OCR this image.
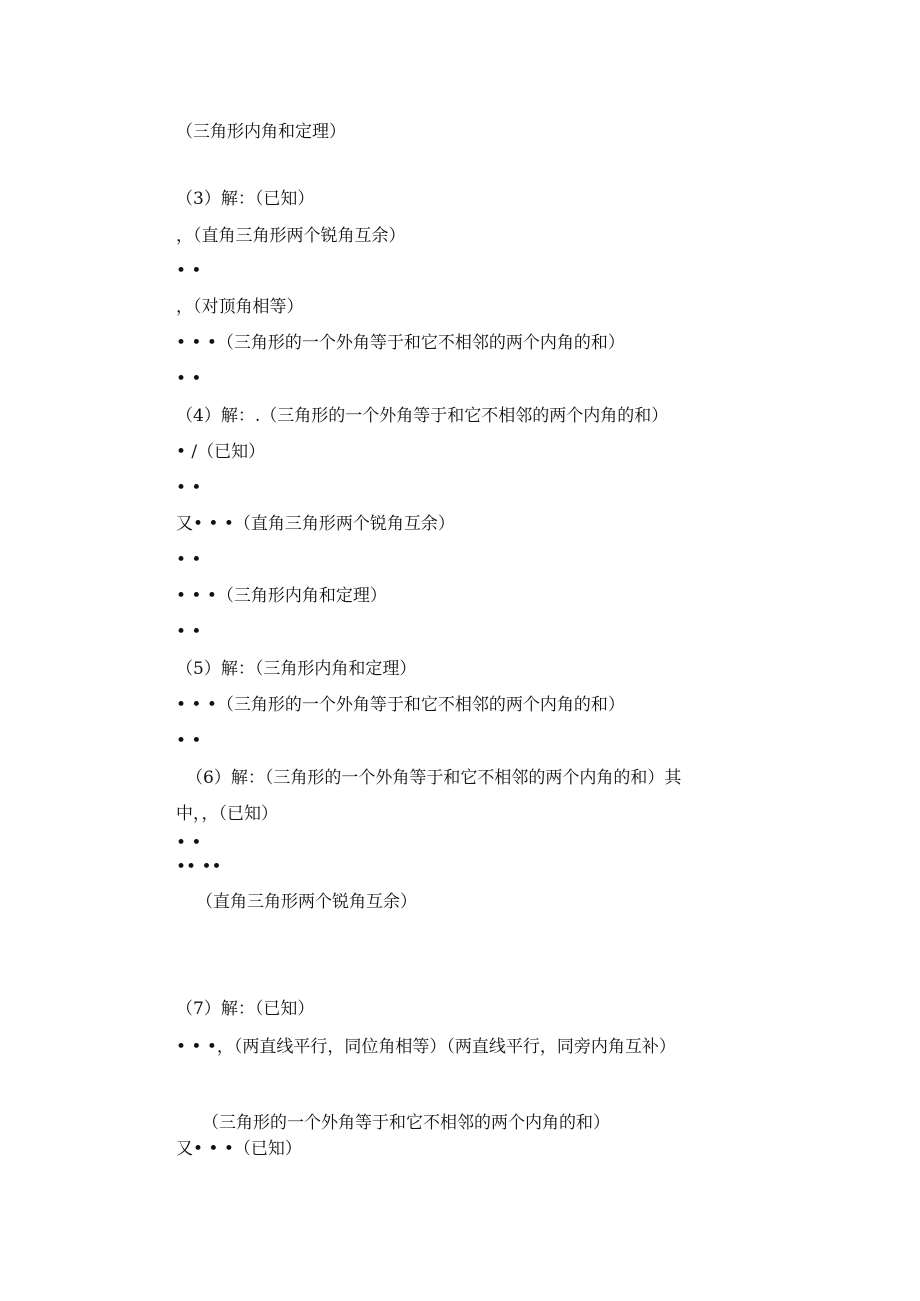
（三角形内角和定理）
（3）解：（已知）
，（直角三角形两个锐角互余）
• •
，（对顶角相等）
• • •（三角形的一个外角等于和它不相邻的两个内角的和）
• •
（4）解：.（三角形的一个外角等于和它不相邻的两个内角的和）
• /（已知）
• •
又• • •（直角三角形两个锐角互余）
• •
• • •（三角形内角和定理）
• •
（5）解：（三角形内角和定理）
• • •（三角形的一个外角等于和它不相邻的两个内角的和）
• •
（6）解：（三角形的一个外角等于和它不相邻的两个内角的和）其
中，，（已知）
• •
•• ••
（直角三角形两个锐角互余）
（7）解：（已知）
• • •，（两直线平行，同位角相等）（两直线平行，同旁内角互补）
（三角形的一个外角等于和它不相邻的两个内角的和）
又• • •（已知）
